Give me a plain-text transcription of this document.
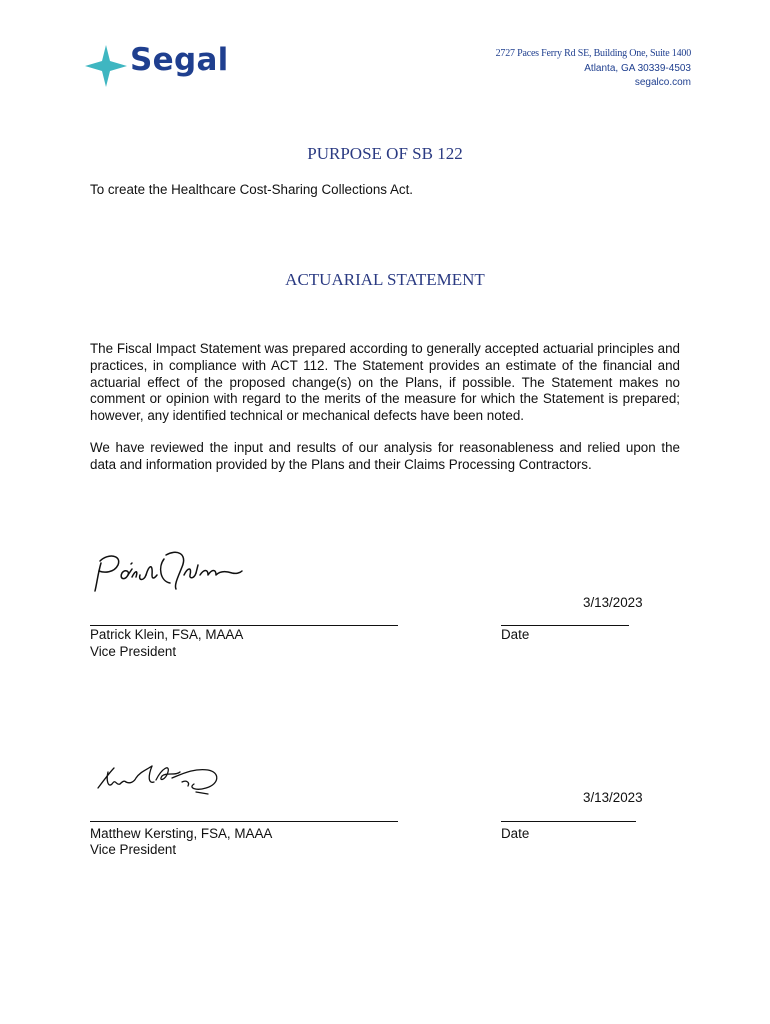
Segal	2727 Paces Ferry Rd SE, Building One, Suite 1400
Atlanta, GA 30339-4503
segalco.com
PURPOSE OF SB 122
To create the Healthcare Cost-Sharing Collections Act.
ACTUARIAL STATEMENT
The Fiscal Impact Statement was prepared according to generally accepted actuarial principles and practices, in compliance with ACT 112. The Statement provides an estimate of the financial and actuarial effect of the proposed change(s) on the Plans, if possible. The Statement makes no comment or opinion with regard to the merits of the measure for which the Statement is prepared; however, any identified technical or mechanical defects have been noted.
We have reviewed the input and results of our analysis for reasonableness and relied upon the data and information provided by the Plans and their Claims Processing Contractors.
3/13/2023
Patrick Klein, FSA, MAAA
Vice President
Date
3/13/2023
Matthew Kersting, FSA, MAAA
Vice President
Date
